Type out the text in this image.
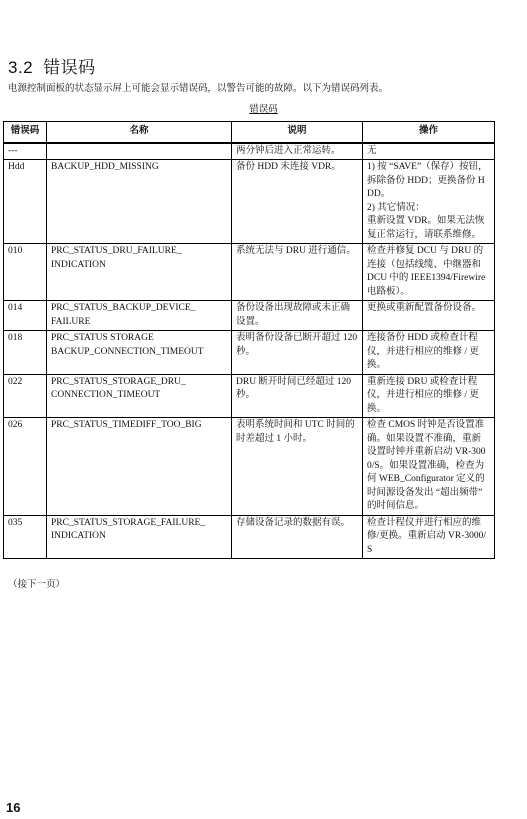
3.2 错误码
电源控制面板的状态显示屏上可能会显示错误码，以警告可能的故障。以下为错误码列表。
错误码
错误码	名称	说明	操作
---		两分钟后进入正常运转。	无
Hdd	BACKUP_HDD_MISSING	备份 HDD 未连接 VDR。	1) 按 “SAVE”（保存）按钮，拆除备份 HDD；更换备份 HDD。
2) 其它情况：
重新设置 VDR。如果无法恢复正常运行，请联系维修。
010	PRC_STATUS_DRU_FAILURE_
INDICATION	系统无法与 DRU 进行通信。	检查并修复 DCU 与 DRU 的连接（包括线缆、中继器和 DCU 中的 IEEE1394/Firewire 电路板）。
014	PRC_STATUS_BACKUP_DEVICE_
FAILURE	备份设备出现故障或未正确设置。	更换或重新配置备份设备。
018	PRC_STATUS STORAGE
BACKUP_CONNECTION_TIMEOUT	表明备份设备已断开超过 120 秒。	连接备份 HDD 或检查计程仪，并进行相应的维修 / 更换。
022	PRC_STATUS_STORAGE_DRU_
CONNECTION_TIMEOUT	DRU 断开时间已经超过 120 秒。	重新连接 DRU 或检查计程仪，并进行相应的维修 / 更换。
026	PRC_STATUS_TIMEDIFF_TOO_BIG	表明系统时间和 UTC 时间的时差超过 1 小时。	检查 CMOS 时钟是否设置准确。如果设置不准确，重新设置时钟并重新启动 VR-3000/S。如果设置准确，检查为何 WEB_Configurator 定义的时间源设备发出 “超出频带” 的时间信息。
035	PRC_STATUS_STORAGE_FAILURE_
INDICATION	存储设备记录的数据有误。	检查计程仪并进行相应的维修/更换。重新启动 VR-3000/S
（接下一页）
16
